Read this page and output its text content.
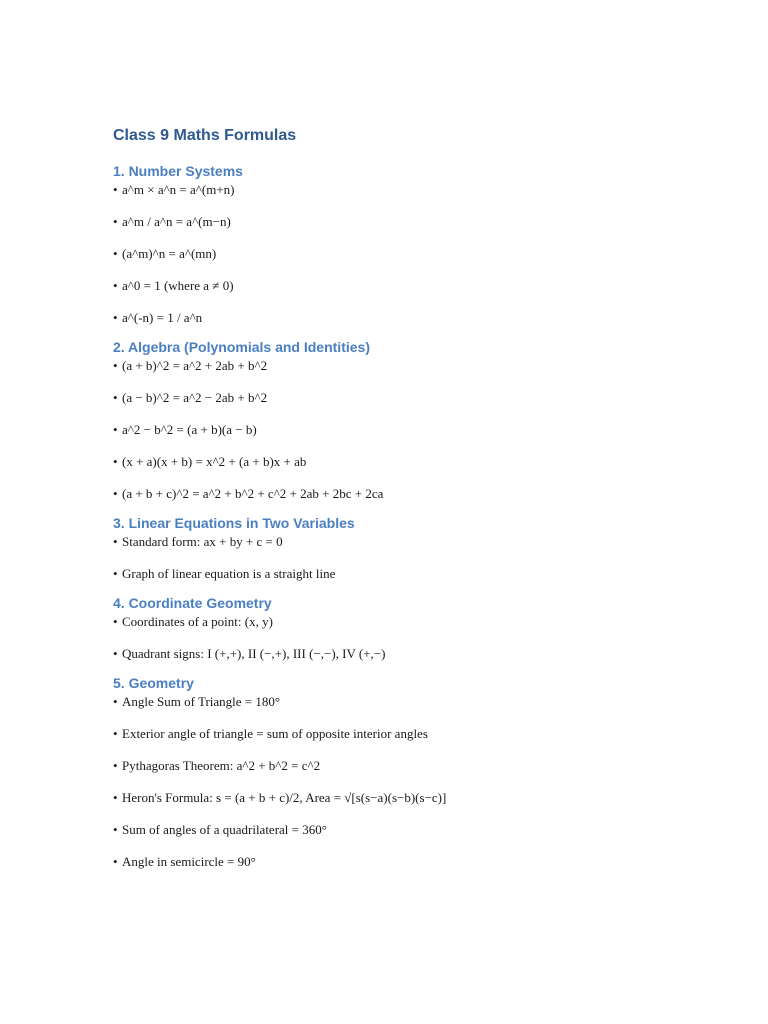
Class 9 Maths Formulas
1. Number Systems

• a^m × a^n = a^(m+n)

• a^m / a^n = a^(m−n)

• (a^m)^n = a^(mn)

• a^0 = 1 (where a ≠ 0)

• a^(-n) = 1 / a^n

2. Algebra (Polynomials and Identities)

• (a + b)^2 = a^2 + 2ab + b^2

• (a − b)^2 = a^2 − 2ab + b^2

• a^2 − b^2 = (a + b)(a − b)

• (x + a)(x + b) = x^2 + (a + b)x + ab

• (a + b + c)^2 = a^2 + b^2 + c^2 + 2ab + 2bc + 2ca

3. Linear Equations in Two Variables

• Standard form: ax + by + c = 0

• Graph of linear equation is a straight line

4. Coordinate Geometry

• Coordinates of a point: (x, y)

• Quadrant signs: I (+,+), II (−,+), III (−,−), IV (+,−)

5. Geometry

• Angle Sum of Triangle = 180°

• Exterior angle of triangle = sum of opposite interior angles

• Pythagoras Theorem: a^2 + b^2 = c^2

• Heron's Formula: s = (a + b + c)/2, Area = √[s(s−a)(s−b)(s−c)]

• Sum of angles of a quadrilateral = 360°

• Angle in semicircle = 90°
